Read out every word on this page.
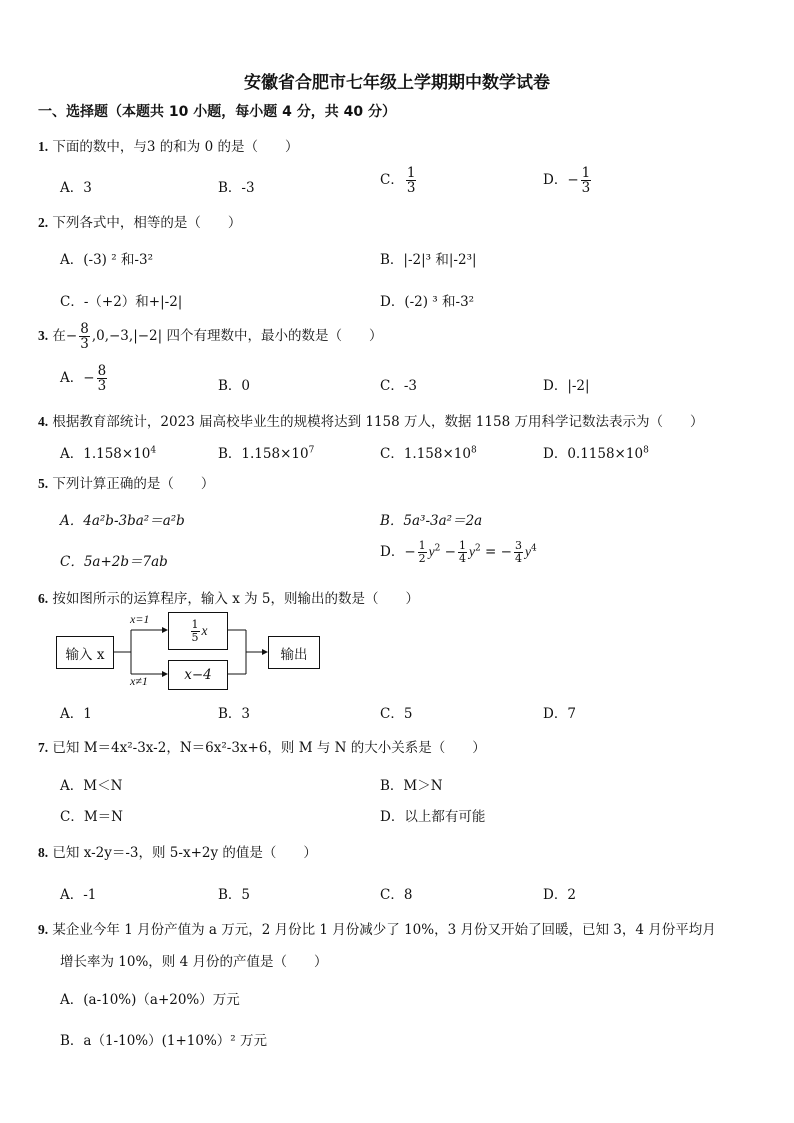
安徽省合肥市七年级上学期期中数学试卷
一、选择题（本题共 10 小题，每小题 4 分，共 40 分）
1. 下面的数中，与3 的和为 0 的是（　　）
A．3	B．-3	C． $\frac{1}{3}$	D．− $\frac{1}{3}$
2. 下列各式中，相等的是（　　）
A．(-3) ² 和-3²	B．|-2|³ 和|-2³|
C．-（+2）和+|-2|	D．(-2) ³ 和-3²
3. 在− $\frac{8}{3} ,0,-3,|-2|$ 四个有理数中，最小的数是（　　）
A．− $\frac{8}{3}$	B．0	C．-3	D．|-2|
4. 根据教育部统计，2023 届高校毕业生的规模将达到 1158 万人，数据 1158 万用科学记数法表示为（　　）
A．$1.158\times 10^4$	B．$1.158\times 10^7$	C．$1.158\times 10^8$	D．$0.1158\times 10^8$
5. 下列计算正确的是（　　）
A．4a²b-3ba²＝a²b	B．5a³-3a²＝2a
C．5a+2b＝7ab
D．− $\frac{1}{2} y^2 - \frac{1}{4} y^2$ = − $\frac{3}{4} y^4$
6. 按如图所示的运算程序，输入 x 为 5，则输出的数是（　　）
输入 x
$\frac{1}{5}$ x
x−4
输出
x=1
x≠1
A．1	B．3	C．5	D．7
7. 已知 M＝4x²-3x-2，N＝6x²-3x+6，则 M 与 N 的大小关系是（　　）
A．M＜N	B．M＞N
C．M＝N	D．以上都有可能
8. 已知 x-2y＝-3，则 5-x+2y 的值是（　　）
A．-1	B．5	C．8	D．2
9. 某企业今年 1 月份产值为 a 万元，2 月份比 1 月份减少了 10%，3 月份又开始了回暖，已知 3，4 月份平均月
增长率为 10%，则 4 月份的产值是（　　）
A．(a-10%)（a+20%）万元
B．a（1-10%）(1+10%）² 万元
